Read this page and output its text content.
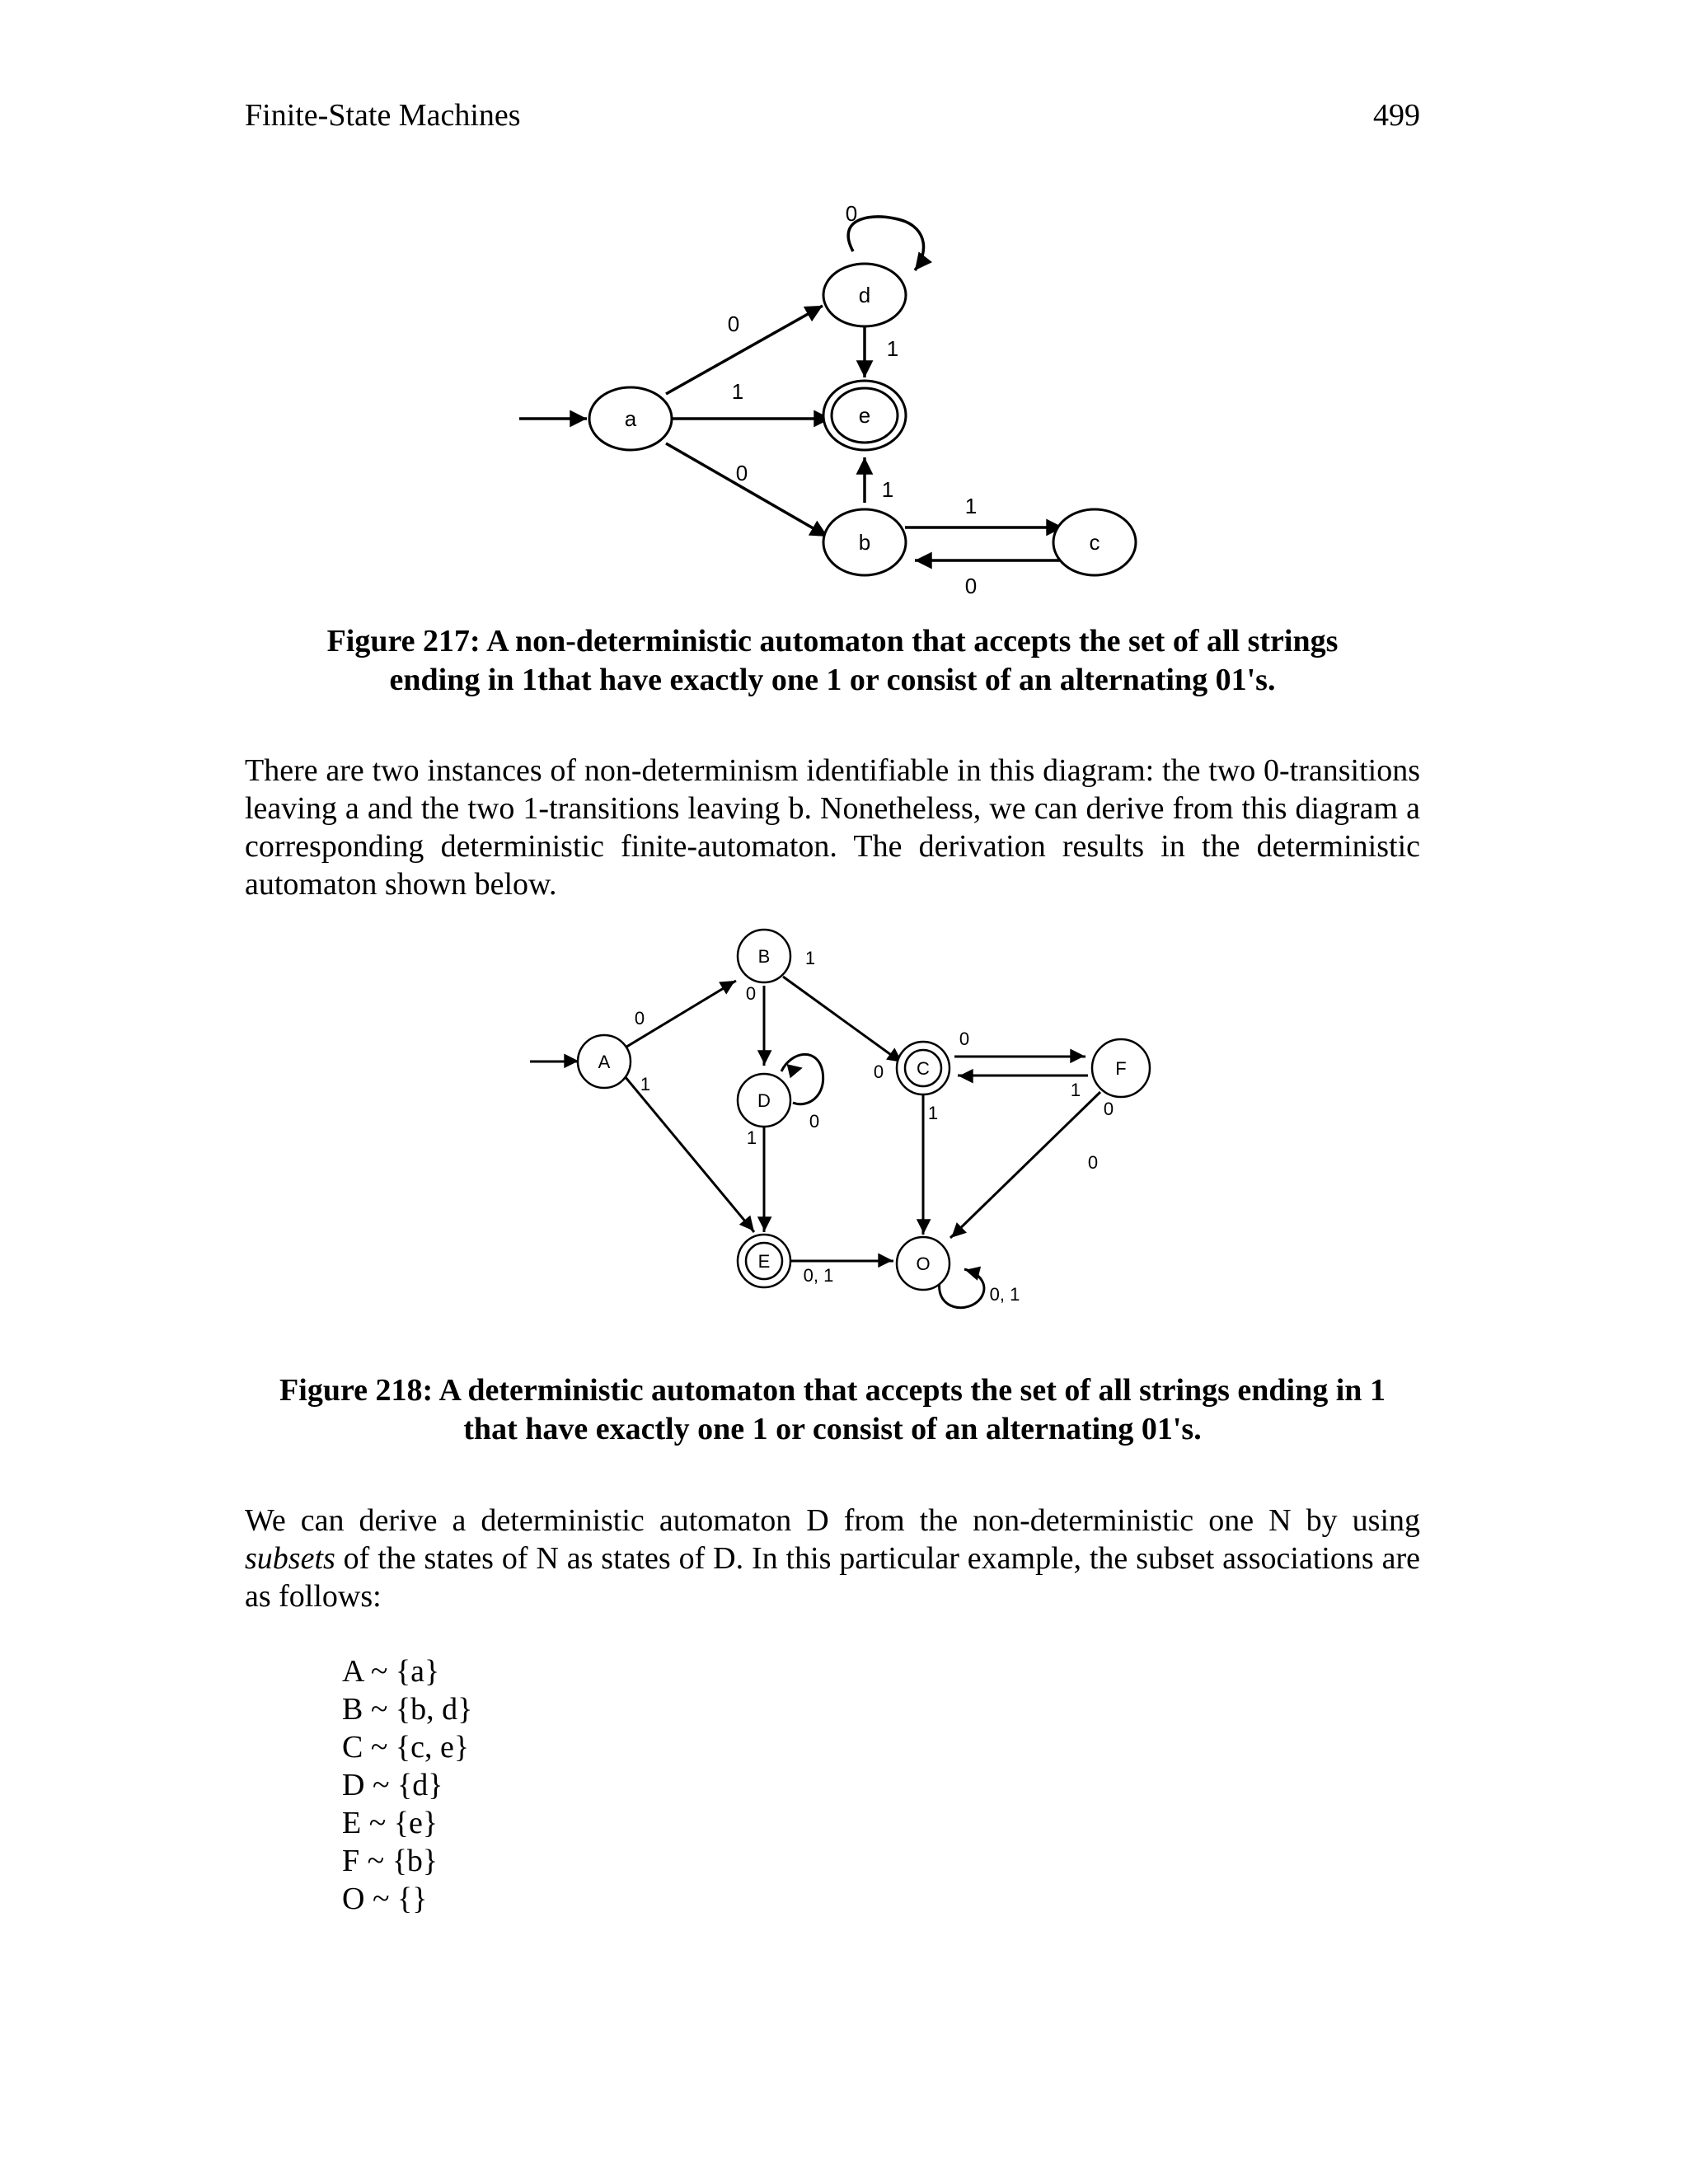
Finite-State Machines	499
a
d
e
b	c
0
0
1
1
0
1
1
0
Figure 217: A non-deterministic automaton that accepts the set of all strings
ending in 1that have exactly one 1 or consist of an alternating 01's.
There are two instances of non-determinism identifiable in this diagram: the two 0-transitions leaving a and the two 1-transitions leaving b. Nonetheless, we can derive from this diagram a corresponding deterministic finite-automaton. The derivation results in the deterministic automaton shown below.
A
B
D
C	F
E	O
0
1
0
1
0
1
0
0
1
1	0
0
0, 1
0, 1
Figure 218: A deterministic automaton that accepts the set of all strings ending in 1
that have exactly one 1 or consist of an alternating 01's.
We can derive a deterministic automaton D from the non-deterministic one N by using subsets of the states of N as states of D. In this particular example, the subset associations are as follows:
A ~ {a}
B ~ {b, d}
C ~ {c, e}
D ~ {d}
E ~ {e}
F ~ {b}
O ~ {}
